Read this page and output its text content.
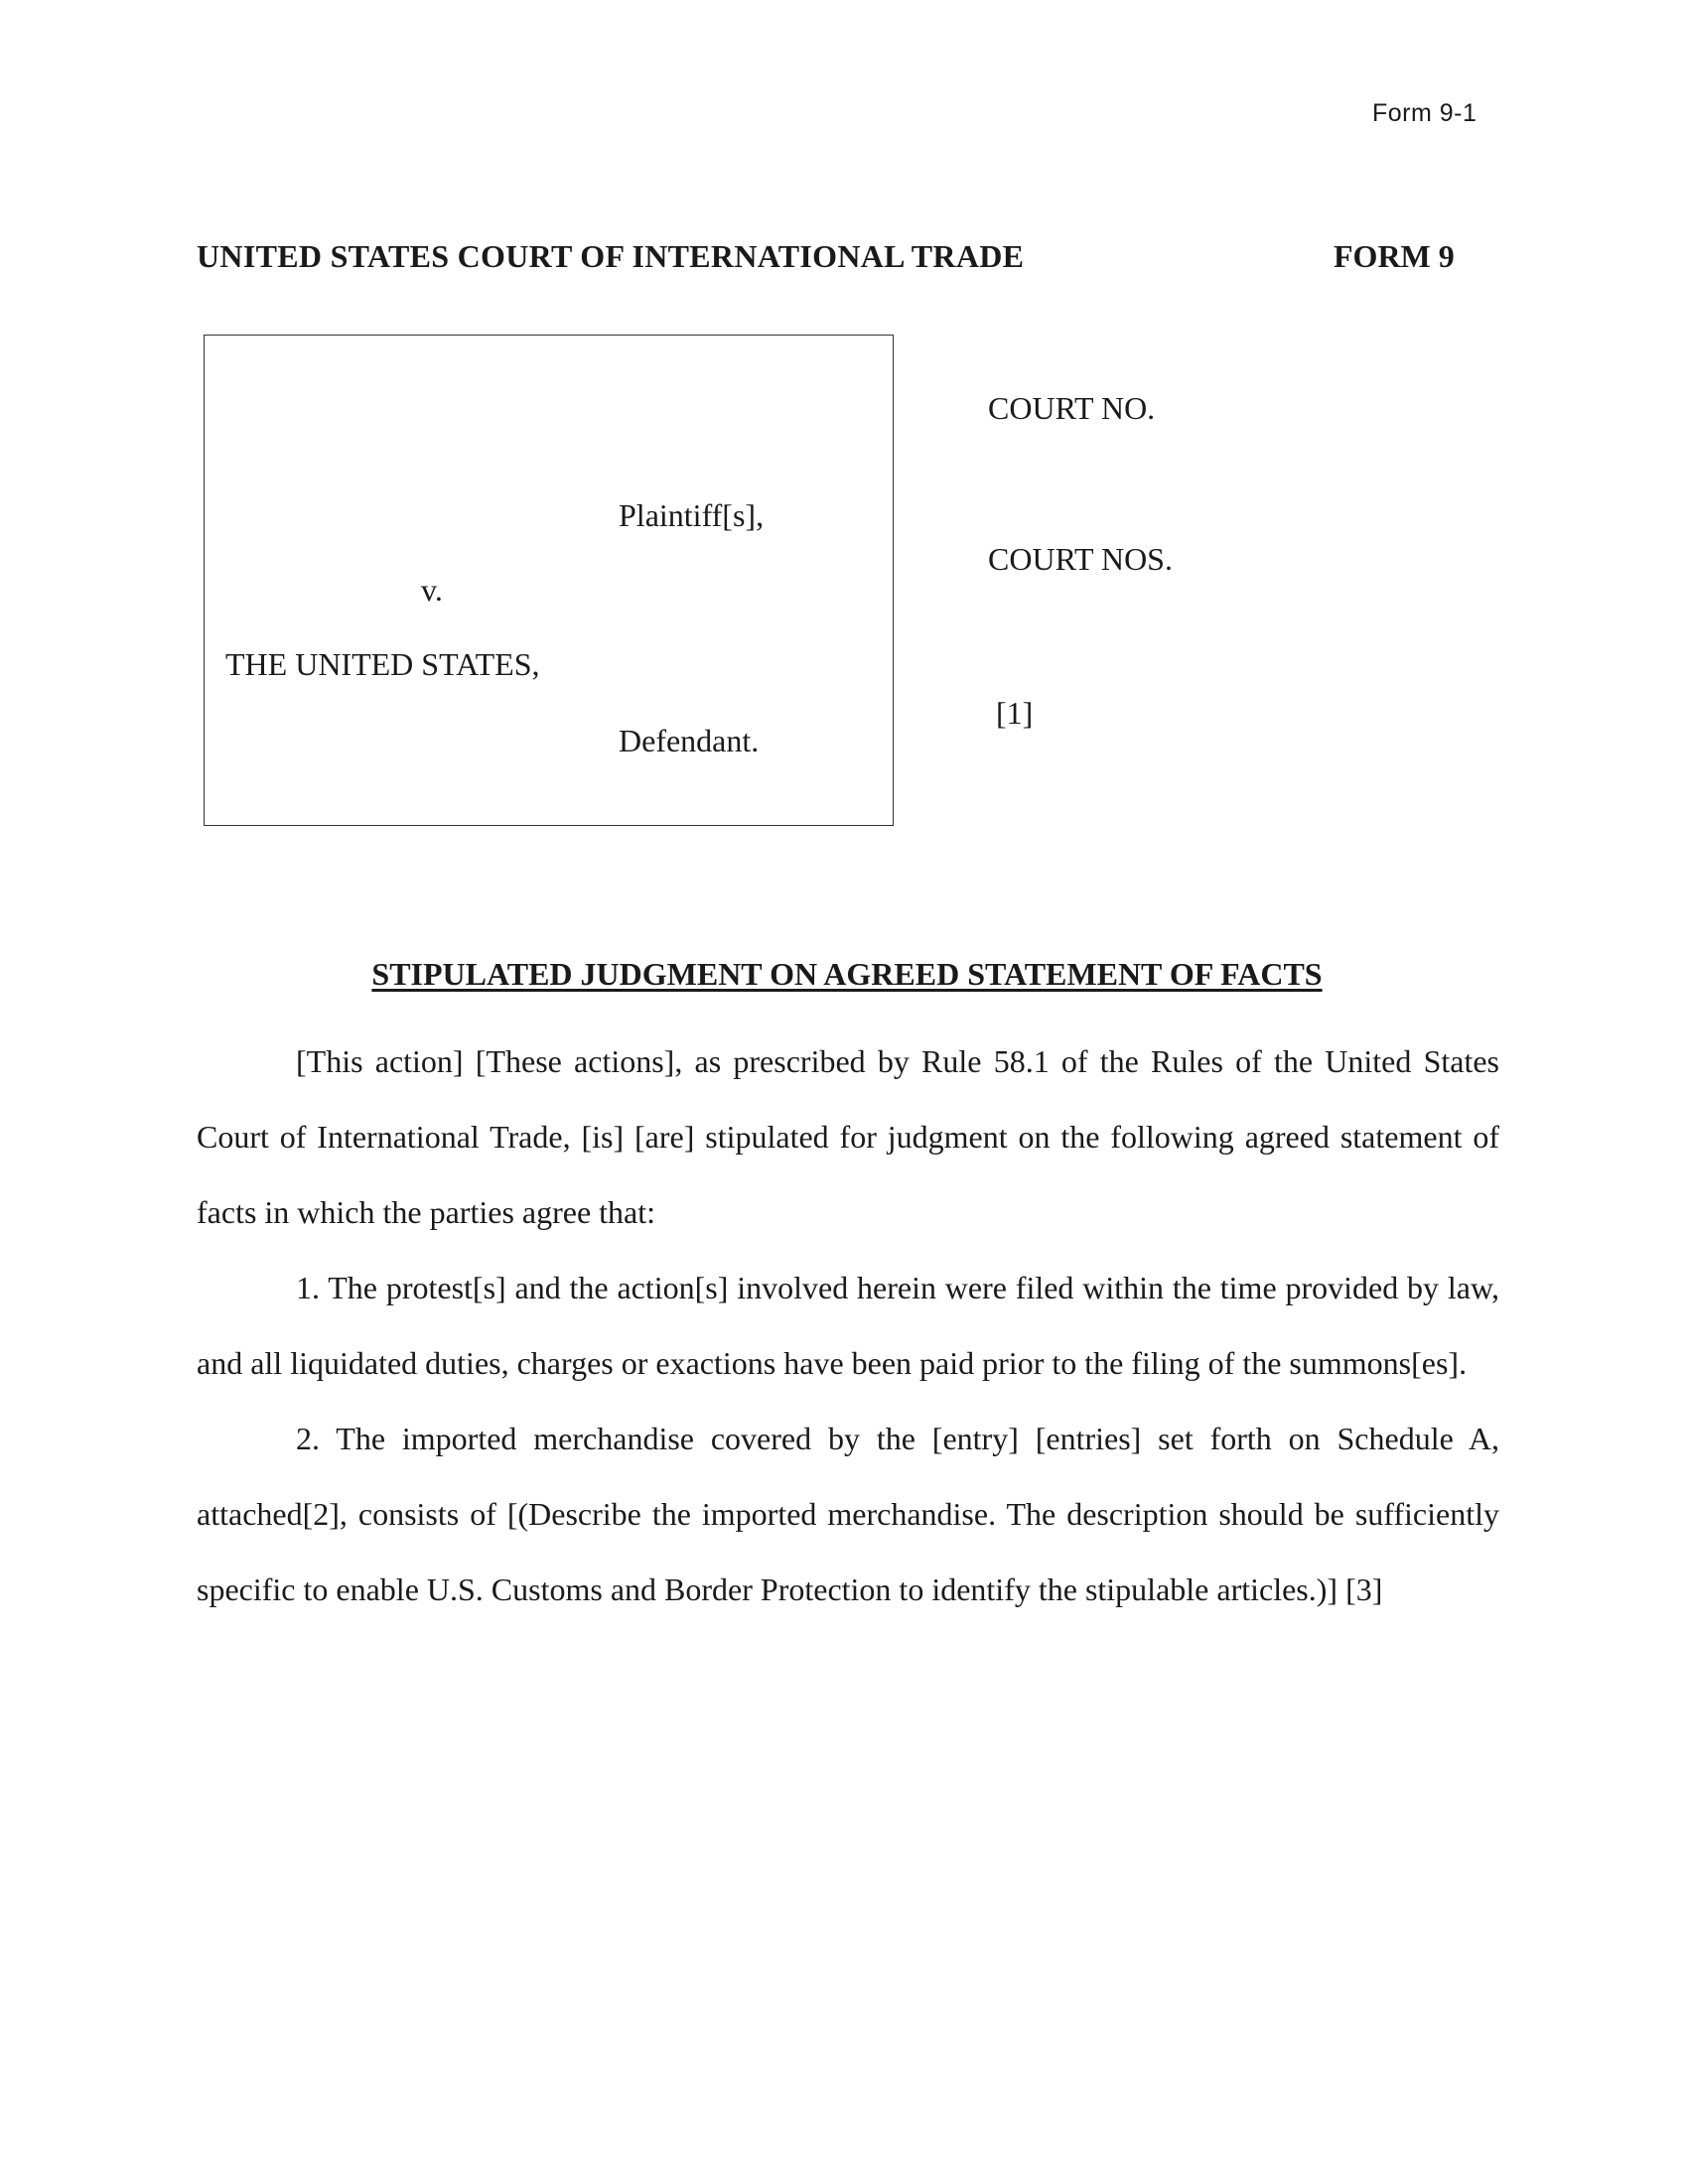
Form 9-1
UNITED STATES COURT OF INTERNATIONAL TRADE	FORM 9
Plaintiff[s],
v.
THE UNITED STATES,
Defendant.
COURT NO.
COURT NOS.
[1]
STIPULATED JUDGMENT ON AGREED STATEMENT OF FACTS

[This action] [These actions], as prescribed by Rule 58.1 of the Rules of the United States Court of International Trade, [is] [are] stipulated for judgment on the following agreed statement of facts in which the parties agree that:

1. The protest[s] and the action[s] involved herein were filed within the time provided by law, and all liquidated duties, charges or exactions have been paid prior to the filing of the summons[es].

2. The imported merchandise covered by the [entry] [entries] set forth on Schedule A, attached[2], consists of [(Describe the imported merchandise. The description should be sufficiently specific to enable U.S. Customs and Border Protection to identify the stipulable articles.)] [3]
